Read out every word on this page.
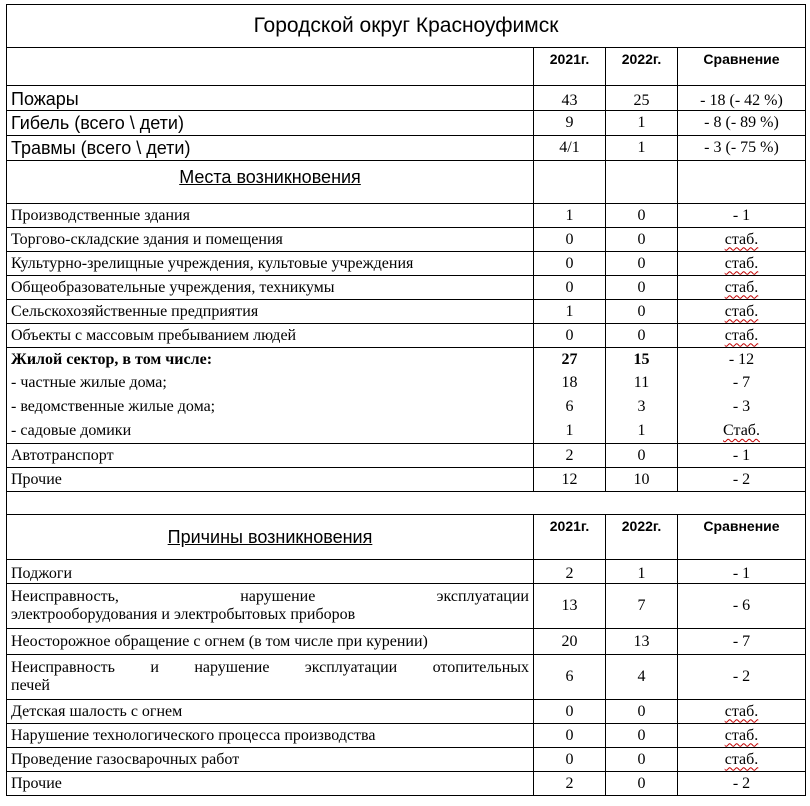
Городской округ Красноуфимск			
	2021г.	2022г.	Сравнение
Пожары	43	25	- 18 (- 42 %)
Гибель (всего \ дети)	9	1	- 8 (- 89 %)
Травмы (всего \ дети)	4/1	1	- 3 (- 75 %)
Места возникновения			
Производственные здания	1	0	- 1
Торгово-складские здания и помещения	0	0	стаб.
Культурно-зрелищные учреждения, культовые учреждения	0	0	стаб.
Общеобразовательные учреждения, техникумы	0	0	стаб.
Сельскохозяйственные предприятия	1	0	стаб.
Объекты с массовым пребыванием людей	0	0	стаб.
Жилой сектор, в том числе:	27	15	- 12
- частные жилые дома;	18	11	- 7
- ведомственные жилые дома;	6	3	- 3
- садовые домики	1	1	Стаб.
Автотранспорт	2	0	- 1
Прочие	12	10	- 2

Причины возникновения	2021г.	2022г.	Сравнение
Поджоги	2	1	- 1

Неисправность, нарушение эксплуатации
электрооборудования и электробытовых приборов	13	7	- 6
Неосторожное обращение с огнем (в том числе при курении)	20	13	- 7

Неисправность и нарушение эксплуатации отопительных
печей	6	4	- 2
Детская шалость с огнем	0	0	стаб.
Нарушение технологического процесса производства	0	0	стаб.
Проведение газосварочных работ	0	0	стаб.
Прочие	2	0	- 2
